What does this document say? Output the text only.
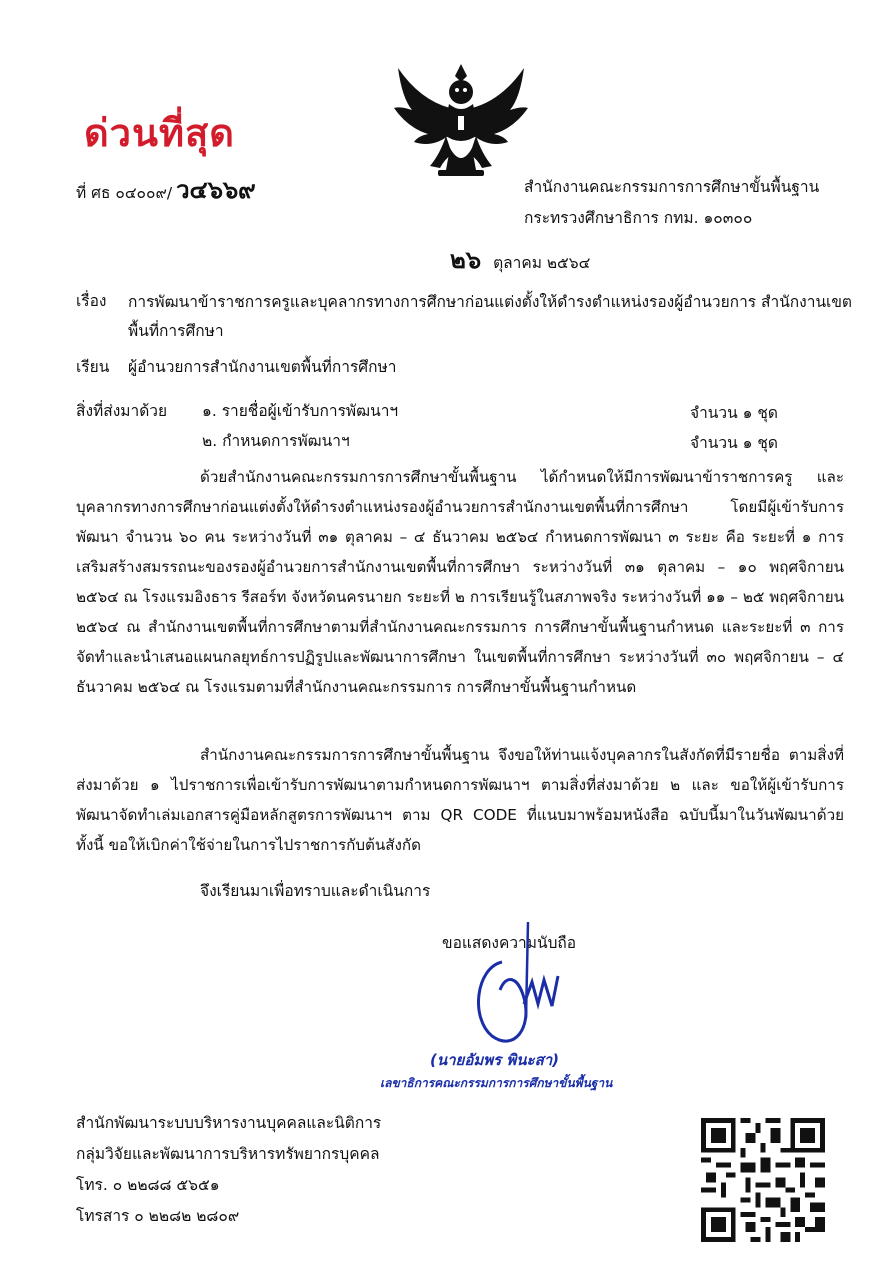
ด่วนที่สุด
ที่ ศธ ๐๔๐๐๙/ ว๔๖๖๙	สำนักงานคณะกรรมการการศึกษาขั้นพื้นฐาน
กระทรวงศึกษาธิการ กทม. ๑๐๓๐๐
๒๖ ตุลาคม ๒๕๖๔
เรื่อง การพัฒนาข้าราชการครูและบุคลากรทางการศึกษาก่อนแต่งตั้งให้ดำรงตำแหน่งรองผู้อำนวยการ สำนักงานเขตพื้นที่การศึกษา
เรียน ผู้อำนวยการสำนักงานเขตพื้นที่การศึกษา
สิ่งที่ส่งมาด้วย ๑. รายชื่อผู้เข้ารับการพัฒนาฯ	จำนวน ๑ ชุด
๒. กำหนดการพัฒนาฯ	จำนวน ๑ ชุด

ด้วยสำนักงานคณะกรรมการการศึกษาขั้นพื้นฐาน ได้กำหนดให้มีการพัฒนาข้าราชการครู และบุคลากรทางการศึกษาก่อนแต่งตั้งให้ดำรงตำแหน่งรองผู้อำนวยการสำนักงานเขตพื้นที่การศึกษา โดยมีผู้เข้ารับการพัฒนา จำนวน ๖๐ คน ระหว่างวันที่ ๓๑ ตุลาคม – ๔ ธันวาคม ๒๕๖๔ กำหนดการพัฒนา ๓ ระยะ คือ ระยะที่ ๑ การเสริมสร้างสมรรถนะของรองผู้อำนวยการสำนักงานเขตพื้นที่การศึกษา ระหว่างวันที่ ๓๑ ตุลาคม – ๑๐ พฤศจิกายน ๒๕๖๔ ณ โรงแรมอิงธาร รีสอร์ท จังหวัดนครนายก ระยะที่ ๒ การเรียนรู้ในสภาพจริง ระหว่างวันที่ ๑๑ – ๒๕ พฤศจิกายน ๒๕๖๔ ณ สำนักงานเขตพื้นที่การศึกษาตามที่สำนักงานคณะกรรมการ การศึกษาขั้นพื้นฐานกำหนด และระยะที่ ๓ การจัดทำและนำเสนอแผนกลยุทธ์การปฏิรูปและพัฒนาการศึกษา ในเขตพื้นที่การศึกษา ระหว่างวันที่ ๓๐ พฤศจิกายน – ๔ ธันวาคม ๒๕๖๔ ณ โรงแรมตามที่สำนักงานคณะกรรมการ การศึกษาขั้นพื้นฐานกำหนด

สำนักงานคณะกรรมการการศึกษาขั้นพื้นฐาน จึงขอให้ท่านแจ้งบุคลากรในสังกัดที่มีรายชื่อ ตามสิ่งที่ส่งมาด้วย ๑ ไปราชการเพื่อเข้ารับการพัฒนาตามกำหนดการพัฒนาฯ ตามสิ่งที่ส่งมาด้วย ๒ และ ขอให้ผู้เข้ารับการพัฒนาจัดทำเล่มเอกสารคู่มือหลักสูตรการพัฒนาฯ ตาม QR CODE ที่แนบมาพร้อมหนังสือ ฉบับนี้มาในวันพัฒนาด้วย ทั้งนี้ ขอให้เบิกค่าใช้จ่ายในการไปราชการกับต้นสังกัด

จึงเรียนมาเพื่อทราบและดำเนินการ
ขอแสดงความนับถือ
(นายอัมพร พินะสา)
เลขาธิการคณะกรรมการการศึกษาขั้นพื้นฐาน
สำนักพัฒนาระบบบริหารงานบุคคลและนิติการ
กลุ่มวิจัยและพัฒนาการบริหารทรัพยากรบุคคล
โทร. ๐ ๒๒๘๘ ๕๖๕๑
โทรสาร ๐ ๒๒๘๒ ๒๘๐๙
